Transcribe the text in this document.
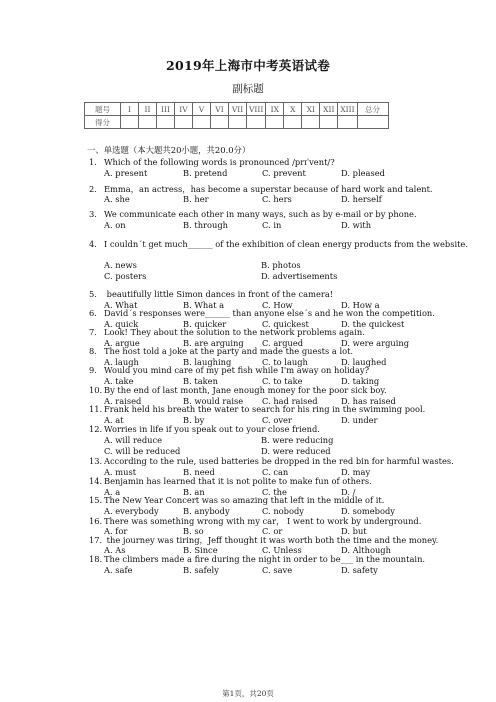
2019年上海市中考英语试卷
副标题
题号	I	II	III	IV	V	VI	VII	VIII	IX	X	XI	XII	XIII	总分
得分														
一、单选题（本大题共20小题，共20.0分）
1. Which of the following words is pronounced /prɪˈvent/?
A. present	B. pretend	C. prevent	D. pleased
2. Emma，an actress，has become a superstar because of hard work and talent.
A. she	B. her	C. hers	D. herself
3. We communicate each other in many ways, such as by e-mail or by phone.
A. on	B. through	C. in	D. with
4. I couldn´t get much______ of the exhibition of clean energy products from the website.
A. news	B. photos
C. posters	D. advertisements
5. beautifully little Simon dances in front of the camera!
A. What	B. What a	C. How	D. How a
6. David´s responses were______ than anyone else´s and he won the competition.
A. quick	B. quicker	C. quickest	D. the quickest
7. Look! They about the solution to the network problems again.
A. argue	B. are arguing C. argued	D. were arguing
8. The host told a joke at the party and made the guests a lot.
A. laugh	B. laughing	C. to laugh	D. laughed
9. Would you mind care of my pet fish while I'm away on holiday?
A. take	B. taken	C. to take	D. taking
10. By the end of last month, Jane enough money for the poor sick boy.
A. raised	B. would raise C. had raised	D. has raised
11. Frank held his breath the water to search for his ring in the swimming pool.
A. at	B. by	C. over	D. under
12. Worries in life if you speak out to your close friend.
A. will reduce	B. were reducing
C. will be reduced	D. were reduced
13. According to the rule, used batteries be dropped in the red bin for harmful wastes.
A. must	B. need	C. can	D. may
14. Benjamin has learned that it is not polite to make fun of others.
A. a	B. an	C. the	D. /
15. The New Year Concert was so amazing that left in the middle of it.
A. everybody	B. anybody	C. nobody	D. somebody
16. There was something wrong with my car， I went to work by underground.
A. for	B. so	C. or	D. but
17. the journey was tiring，Jeff thought it was worth both the time and the money.
A. As	B. Since	C. Unless	D. Although
18. The climbers made a fire during the night in order to be___ in the mountain.
A. safe	B. safely	C. save	D. safety
第1页，共20页
